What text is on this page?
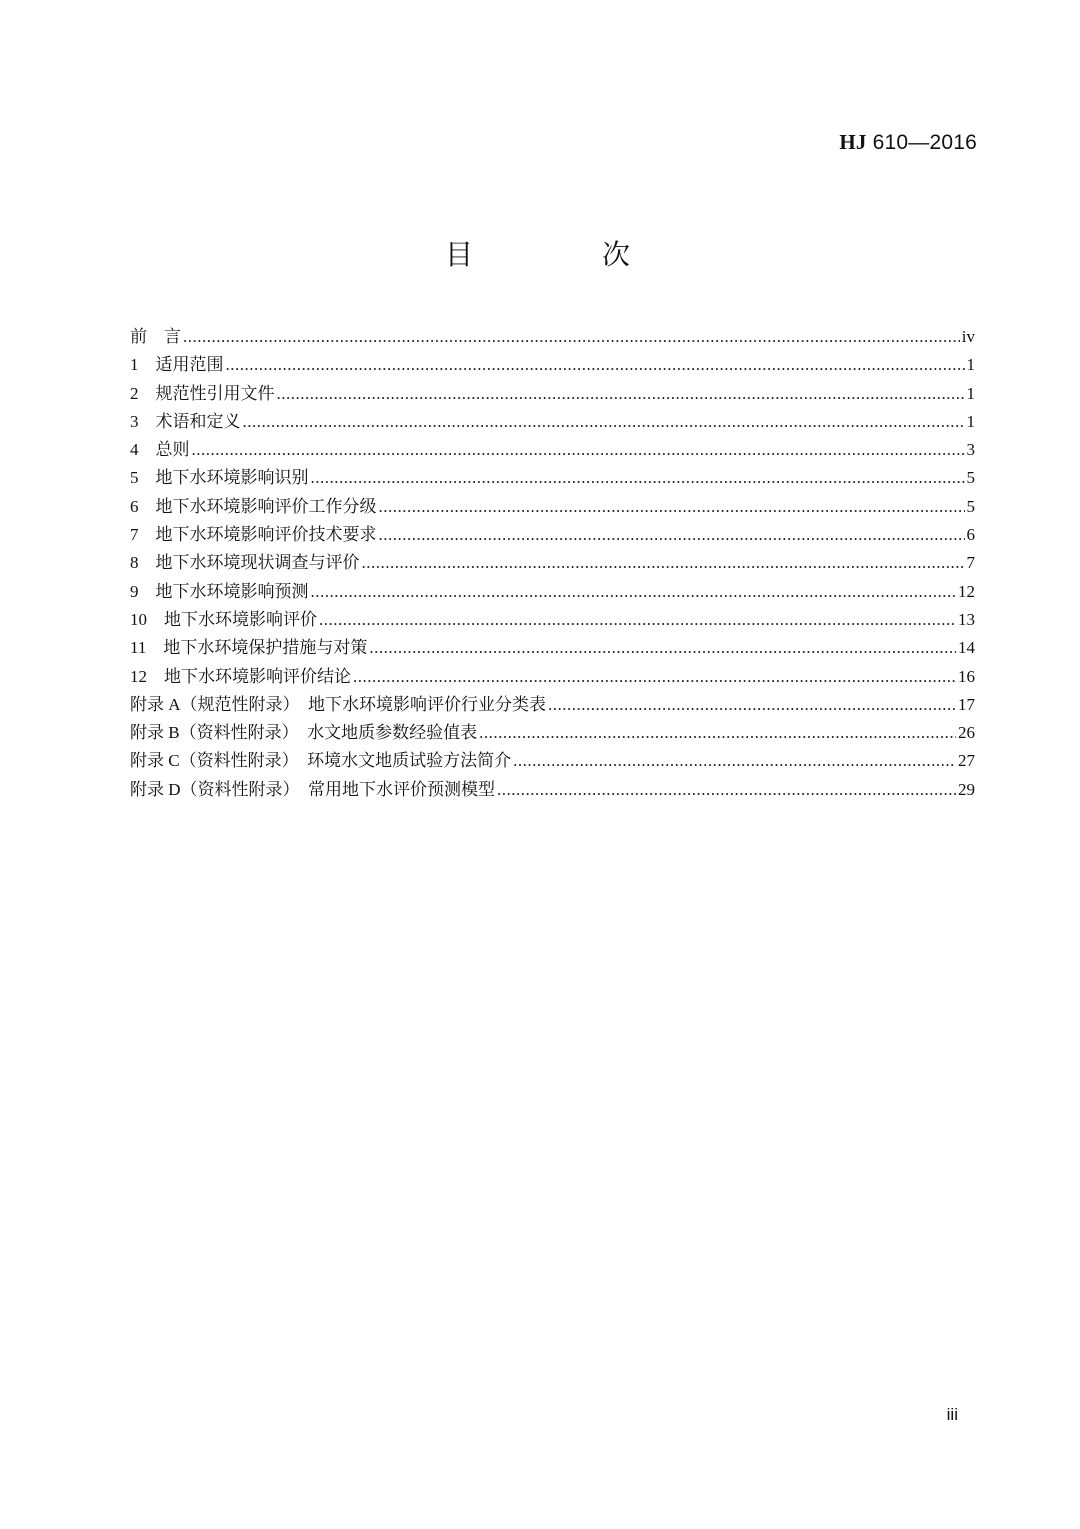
HJ 610—2016
目 次
前　言 .....	iv
1　适用范围 .....	1
2　规范性引用文件 .....	1
3　术语和定义 .....	1
4　总则 .....	3
5　地下水环境影响识别 .....	5
6　地下水环境影响评价工作分级 .....	5
7　地下水环境影响评价技术要求 .....	6
8　地下水环境现状调查与评价 .....	7
9　地下水环境影响预测 .....	12
10　地下水环境影响评价 .....	13
11　地下水环境保护措施与对策 .....	14
12　地下水环境影响评价结论 .....	16
附录 A（规范性附录）　地下水环境影响评价行业分类表 .....	17
附录 B（资料性附录）　水文地质参数经验值表 .....	26
附录 C（资料性附录）　环境水文地质试验方法简介 .....	27
附录 D（资料性附录）　常用地下水评价预测模型 .....	29
iii
